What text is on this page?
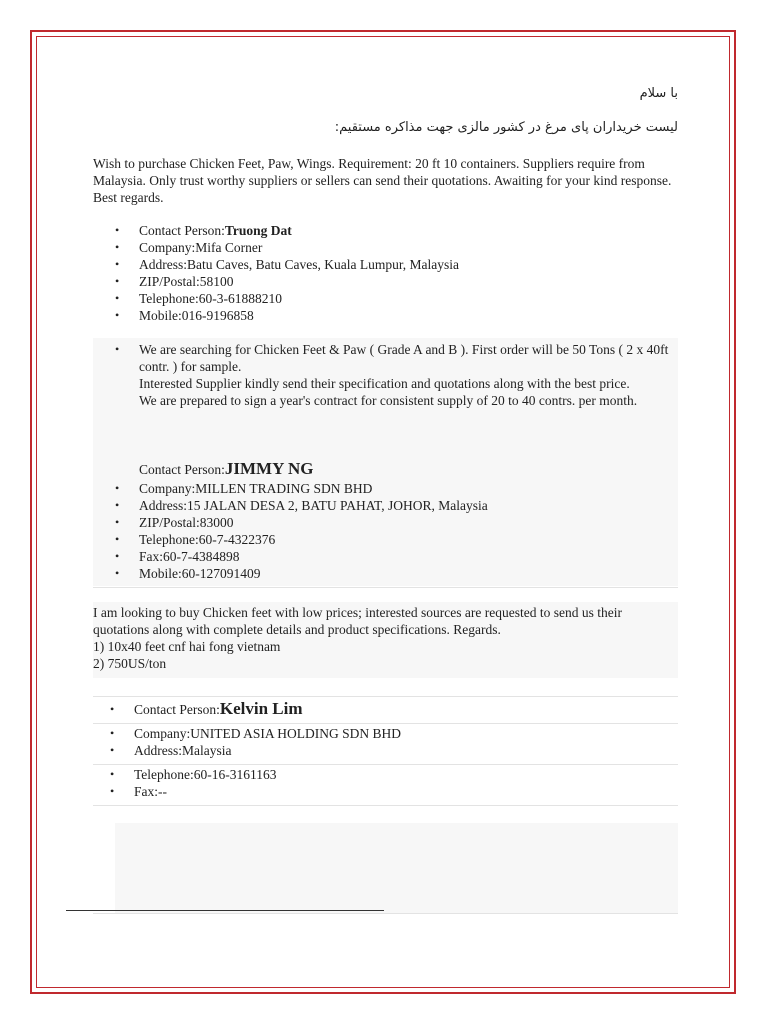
با سلام
لیست خریداران پای مرغ در کشور مالزی جهت مذاکره مستقیم:
Wish to purchase Chicken Feet, Paw, Wings. Requirement: 20 ft 10 containers. Suppliers require from Malaysia. Only trust worthy suppliers or sellers can send their quotations. Awaiting for your kind response. Best regards.
• Contact Person:Truong Dat
• Company:Mifa Corner
• Address:Batu Caves, Batu Caves, Kuala Lumpur, Malaysia
• ZIP/Postal:58100
• Telephone:60-3-61888210
• Mobile:016-9196858
• We are searching for Chicken Feet & Paw ( Grade A and B ). First order will be 50 Tons ( 2 x 40ft contr. ) for sample.
Interested Supplier kindly send their specification and quotations along with the best price.
We are prepared to sign a year's contract for consistent supply of 20 to 40 contrs. per month.
Contact Person:JIMMY NG
• Company:MILLEN TRADING SDN BHD
• Address:15 JALAN DESA 2, BATU PAHAT, JOHOR, Malaysia
• ZIP/Postal:83000
• Telephone:60-7-4322376
• Fax:60-7-4384898
• Mobile:60-127091409
I am looking to buy Chicken feet with low prices; interested sources are requested to send us their quotations along with complete details and product specifications. Regards.
1) 10x40 feet cnf hai fong vietnam
2) 750US/ton
• Contact Person:Kelvin Lim
• Company:UNITED ASIA HOLDING SDN BHD
• Address:Malaysia
• Telephone:60-16-3161163
• Fax:--
